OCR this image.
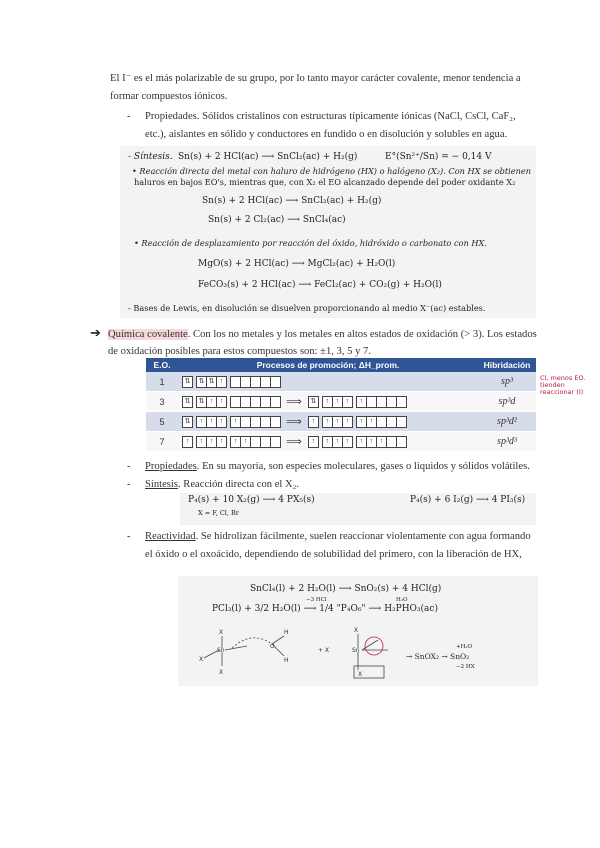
El I⁻ es el más polarizable de su grupo, por lo tanto mayor carácter covalente, menor tendencia a
formar compuestos iónicos.
- Propiedades. Sólidos cristalinos con estructuras típicamente iónicas (NaCl, CsCl, CaF₂,
etc.), aislantes en sólido y conductores en fundido o en disolución y solubles en agua.
- Síntesis. Sn(s) + 2 HCl(ac) ⟶ SnCl₂(ac) + H₂(g)	E°(Sn²⁺/Sn) = − 0,14 V
• Reacción directa del metal con haluro de hidrógeno (HX) o halógeno (X₂). Con HX se obtienen
haluros en bajos EO's, mientras que, con X₂ el EO alcanzado depende del poder oxidante X₂
Sn(s) + 2 HCl(ac) ⟶ SnCl₂(ac) + H₂(g)
Sn(s) + 2 Cl₂(ac) ⟶ SnCl₄(ac)
• Reacción de desplazamiento por reacción del óxido, hidróxido o carbonato con HX.
MgO(s) + 2 HCl(ac) ⟶ MgCl₂(ac) + H₂O(l)
FeCO₃(s) + 2 HCl(ac) ⟶ FeCl₂(ac) + CO₂(g) + H₂O(l)
- Bases de Lewis, en disolución se disuelven proporcionando al medio X⁻(ac) estables.
➔ Química covalente. Con los no metales y los metales en altos estados de oxidación (> 3). Los estados
de oxidación posibles para estos compuestos son: ±1, 3, 5 y 7.
E.O.	Procesos de promoción; ΔH_prom.	Hibridación
1	⇅ ⇅ ⇅ ↑	sp³
3	⇅ ⇅ ↑ ↑ ⟹ ⇅ ↑ ↑ ↑ ↑	sp³d
5	⇅ ↑ ↑ ↑ ↑ ⟹ ↑ ↑ ↑ ↑ ↑ ↑	sp³d²
7	↑ ↑ ↑ ↑ ↑ ↑ ⟹ ↑ ↑ ↑ ↑ ↑ ↑ ↑	sp³d³
Cl, menos EO. tienden reaccionar (I)
- Propiedades. En su mayoría, son especies moleculares, gases o líquidos y sólidos volátiles.
- Síntesis. Reacción directa con el X₂.
P₄(s) + 10 X₂(g) ⟶ 4 PX₅(s)
X = F, Cl, Br
P₄(s) + 6 I₂(g) ⟶ 4 PI₃(s)
- Reactividad. Se hidrolizan fácilmente, suelen reaccionar violentamente con agua formando
el óxido o el oxoácido, dependiendo de solubilidad del primero, con la liberación de HX,
SnCl₄(l) + 2 H₂O(l) ⟶ SnO₂(s) + 4 HCl(g)
PCl₃(l) + 3/2 H₂O(l) ⟶ 1/4 "P₄O₆" ⟶ H₂PHO₃(ac)
−3 HCl	H₂O
X
Sn
X
X
H
O
H
+ X
X
Sn
X
→ SnOX₂ → SnO₂
+H₂O
−2 HX
